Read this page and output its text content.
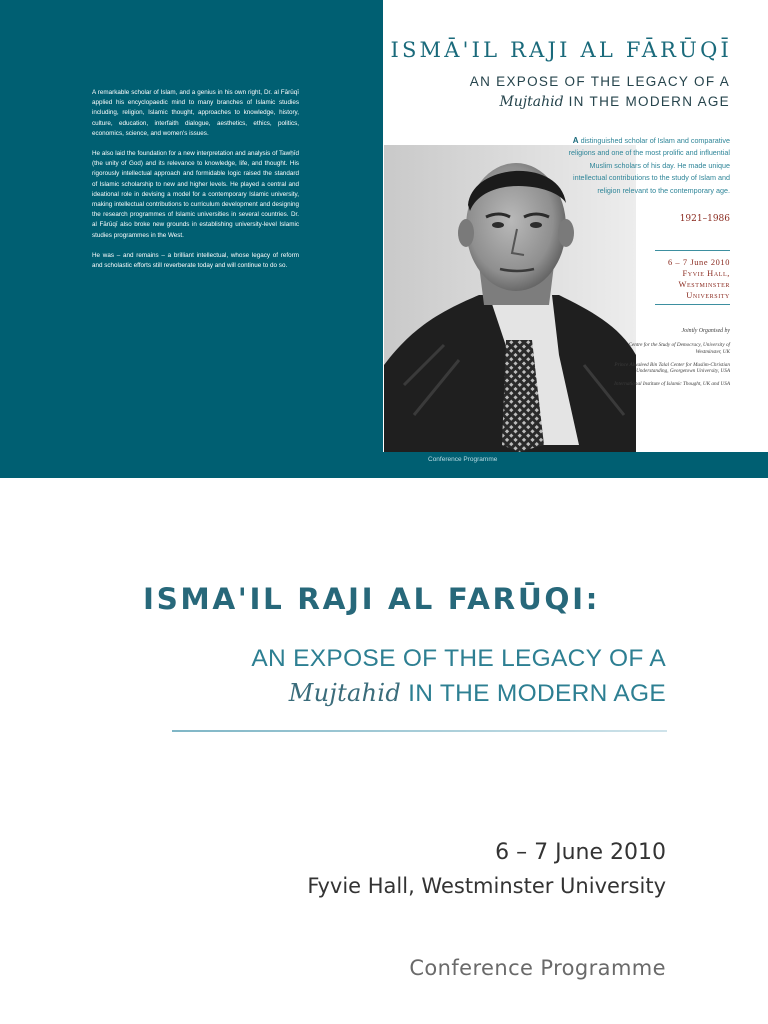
A remarkable scholar of Islam, and a genius in his own right, Dr. al Fārūqī applied his encyclopaedic mind to many branches of Islamic studies including, religion, Islamic thought, approaches to knowledge, history, culture, education, interfaith dialogue, aesthetics, ethics, politics, economics, science, and women's issues.

He also laid the foundation for a new interpretation and analysis of Tawḥīd (the unity of God) and its relevance to knowledge, life, and thought. His rigorously intellectual approach and formidable logic raised the standard of Islamic scholarship to new and higher levels. He played a central and ideational role in devising a model for a contemporary Islamic university, making intellectual contributions to curriculum development and designing the research programmes of Islamic universities in several countries. Dr. al Fārūqī also broke new grounds in establishing university-level Islamic studies programmes in the West.

He was – and remains – a brilliant intellectual, whose legacy of reform and scholastic efforts still reverberate today and will continue to do so.

ISMĀ'IL RAJI AL FĀRŪQĪ
AN EXPOSE OF THE LEGACY OF A
Mujtahid IN THE MODERN AGE
A distinguished scholar of Islam and comparative religions and one of the most prolific and influential Muslim scholars of his day. He made unique intellectual contributions to the study of Islam and religion relevant to the contemporary age.
1921–1986
6 – 7 June 2010
Fyvie Hall,
Westminster
University
Jointly Organised by
Centre for the Study of Democracy, University of Westminster, UK
Prince Alwaleed Bin Talal Center for Muslim-Christian Understanding, Georgetown University, USA
International Institute of Islamic Thought, UK and USA
Conference Programme
ISMA'IL RAJI AL FARŪQI:
AN EXPOSE OF THE LEGACY OF A
Mujtahid IN THE MODERN AGE
6 – 7 June 2010
Fyvie Hall, Westminster University
Conference Programme
